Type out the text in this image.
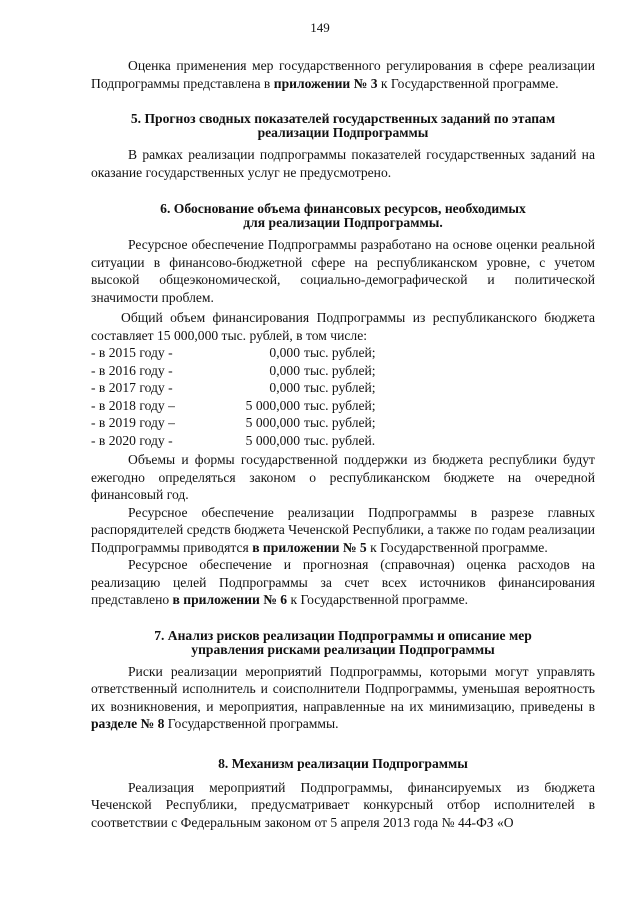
149

Оценка применения мер государственного регулирования в сфере реализации Подпрограммы представлена в приложении № 3 к Государственной программе.

5. Прогноз сводных показателей государственных заданий по этапам
реализации Подпрограммы

В рамках реализации подпрограммы показателей государственных заданий на оказание государственных услуг не предусмотрено.

6. Обоснование объема финансовых ресурсов, необходимых
для реализации Подпрограммы.

Ресурсное обеспечение Подпрограммы разработано на основе оценки реальной ситуации в финансово-бюджетной сфере на республиканском уровне, с учетом высокой общеэкономической, социально-демографической и политической значимости проблем.

Общий объем финансирования Подпрограммы из республиканского бюджета составляет 15 000,000 тыс. рублей, в том числе:

- в 2015 году -	0,000 тыс. рублей;
- в 2016 году -	0,000 тыс. рублей;
- в 2017 году -	0,000 тыс. рублей;
- в 2018 году –	5 000,000 тыс. рублей;
- в 2019 году –	5 000,000 тыс. рублей;
- в 2020 году -	5 000,000 тыс. рублей.

Объемы и формы государственной поддержки из бюджета республики будут ежегодно определяться законом о республиканском бюджете на очередной финансовый год.

Ресурсное обеспечение реализации Подпрограммы в разрезе главных распорядителей средств бюджета Чеченской Республики, а также по годам реализации Подпрограммы приводятся в приложении № 5 к Государственной программе.

Ресурсное обеспечение и прогнозная (справочная) оценка расходов на реализацию целей Подпрограммы за счет всех источников финансирования представлено в приложении № 6 к Государственной программе.

7. Анализ рисков реализации Подпрограммы и описание мер
управления рисками реализации Подпрограммы

Риски реализации мероприятий Подпрограммы, которыми могут управлять ответственный исполнитель и соисполнители Подпрограммы, уменьшая вероятность их возникновения, и мероприятия, направленные на их минимизацию, приведены в разделе № 8 Государственной программы.

8. Механизм реализации Подпрограммы

Реализация мероприятий Подпрограммы, финансируемых из бюджета Чеченской Республики, предусматривает конкурсный отбор исполнителей в соответствии с Федеральным законом от 5 апреля 2013 года № 44-ФЗ «О
